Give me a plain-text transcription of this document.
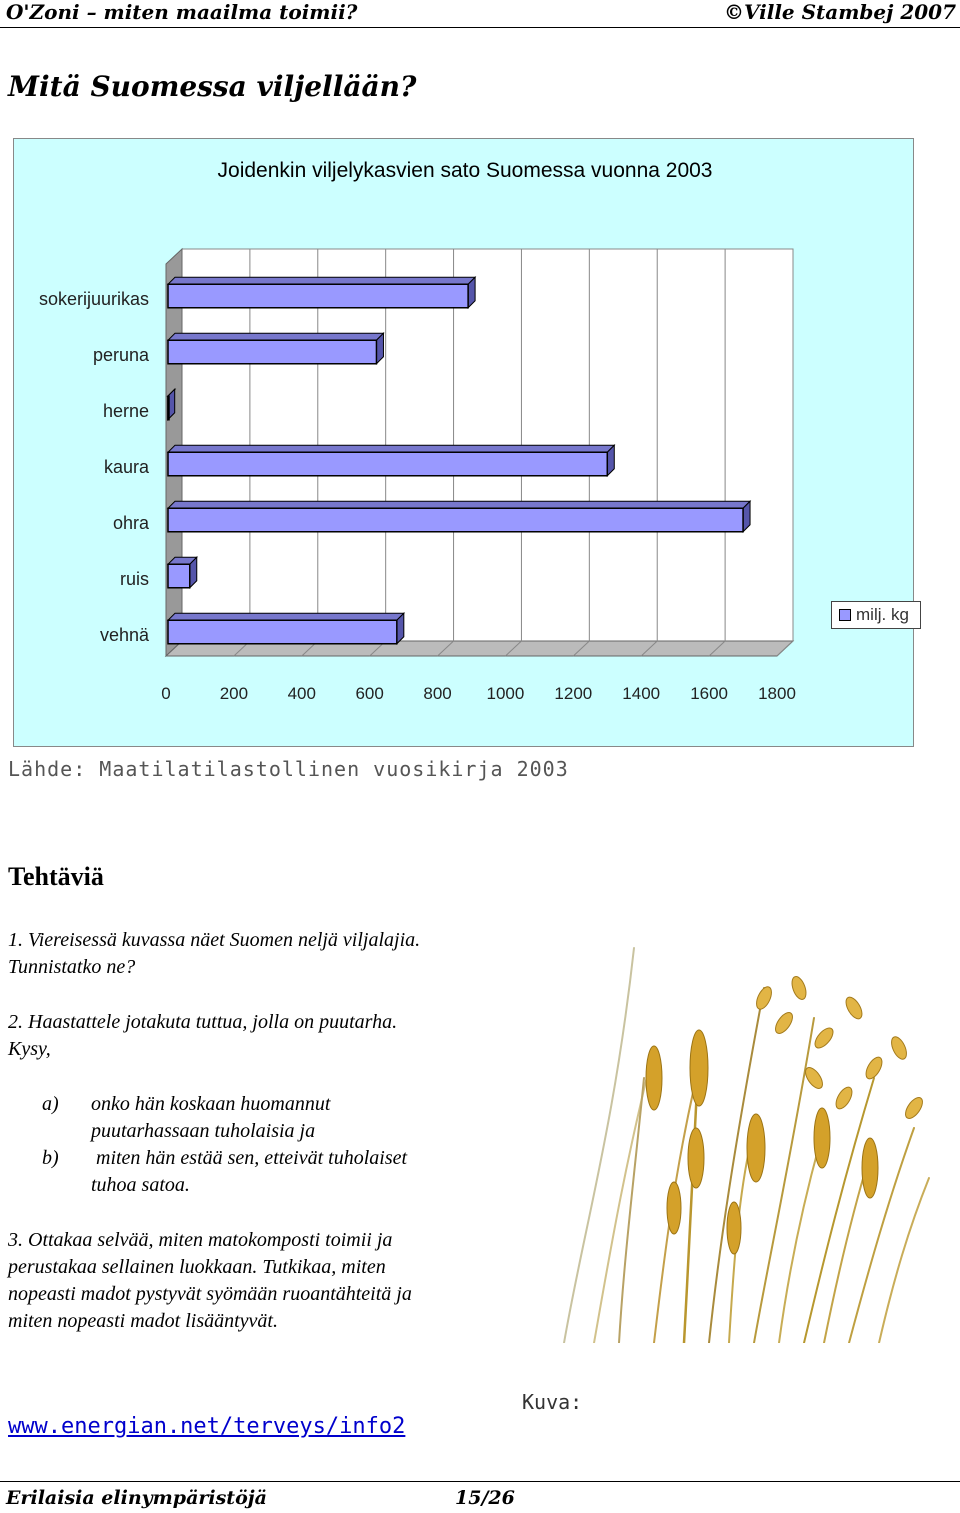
O'Zoni – miten maailma toimii?	©Ville Stambej 2007
Mitä Suomessa viljellään?
Joidenkin viljelykasvien sato Suomessa vuonna 2003
0	200 400 600 800 1000 1200 1400 1600 1800
sokerijuurikas
peruna
herne
kaura
ohra
ruis
vehnä
milj. kg
Lähde: Maatilatilastollinen vuosikirja 2003
Tehtäviä
1. Viereisessä kuvassa näet Suomen neljä viljalajia.
Tunnistatko ne?
2. Haastattele jotakuta tuttua, jolla on puutarha.
Kysy,
a) onko hän koskaan huomannut
puutarhassaan tuholaisia ja
b) miten hän estää sen, etteivät tuholaiset
tuhoa satoa.
3. Ottakaa selvää, miten matokomposti toimii ja
perustakaa sellainen luokkaan. Tutkikaa, miten
nopeasti madot pystyvät syömään ruoantähteitä ja
miten nopeasti madot lisääntyvät.
Kuva:
www.energian.net/terveys/info2
Erilaisia elinympäristöjä	15/26
